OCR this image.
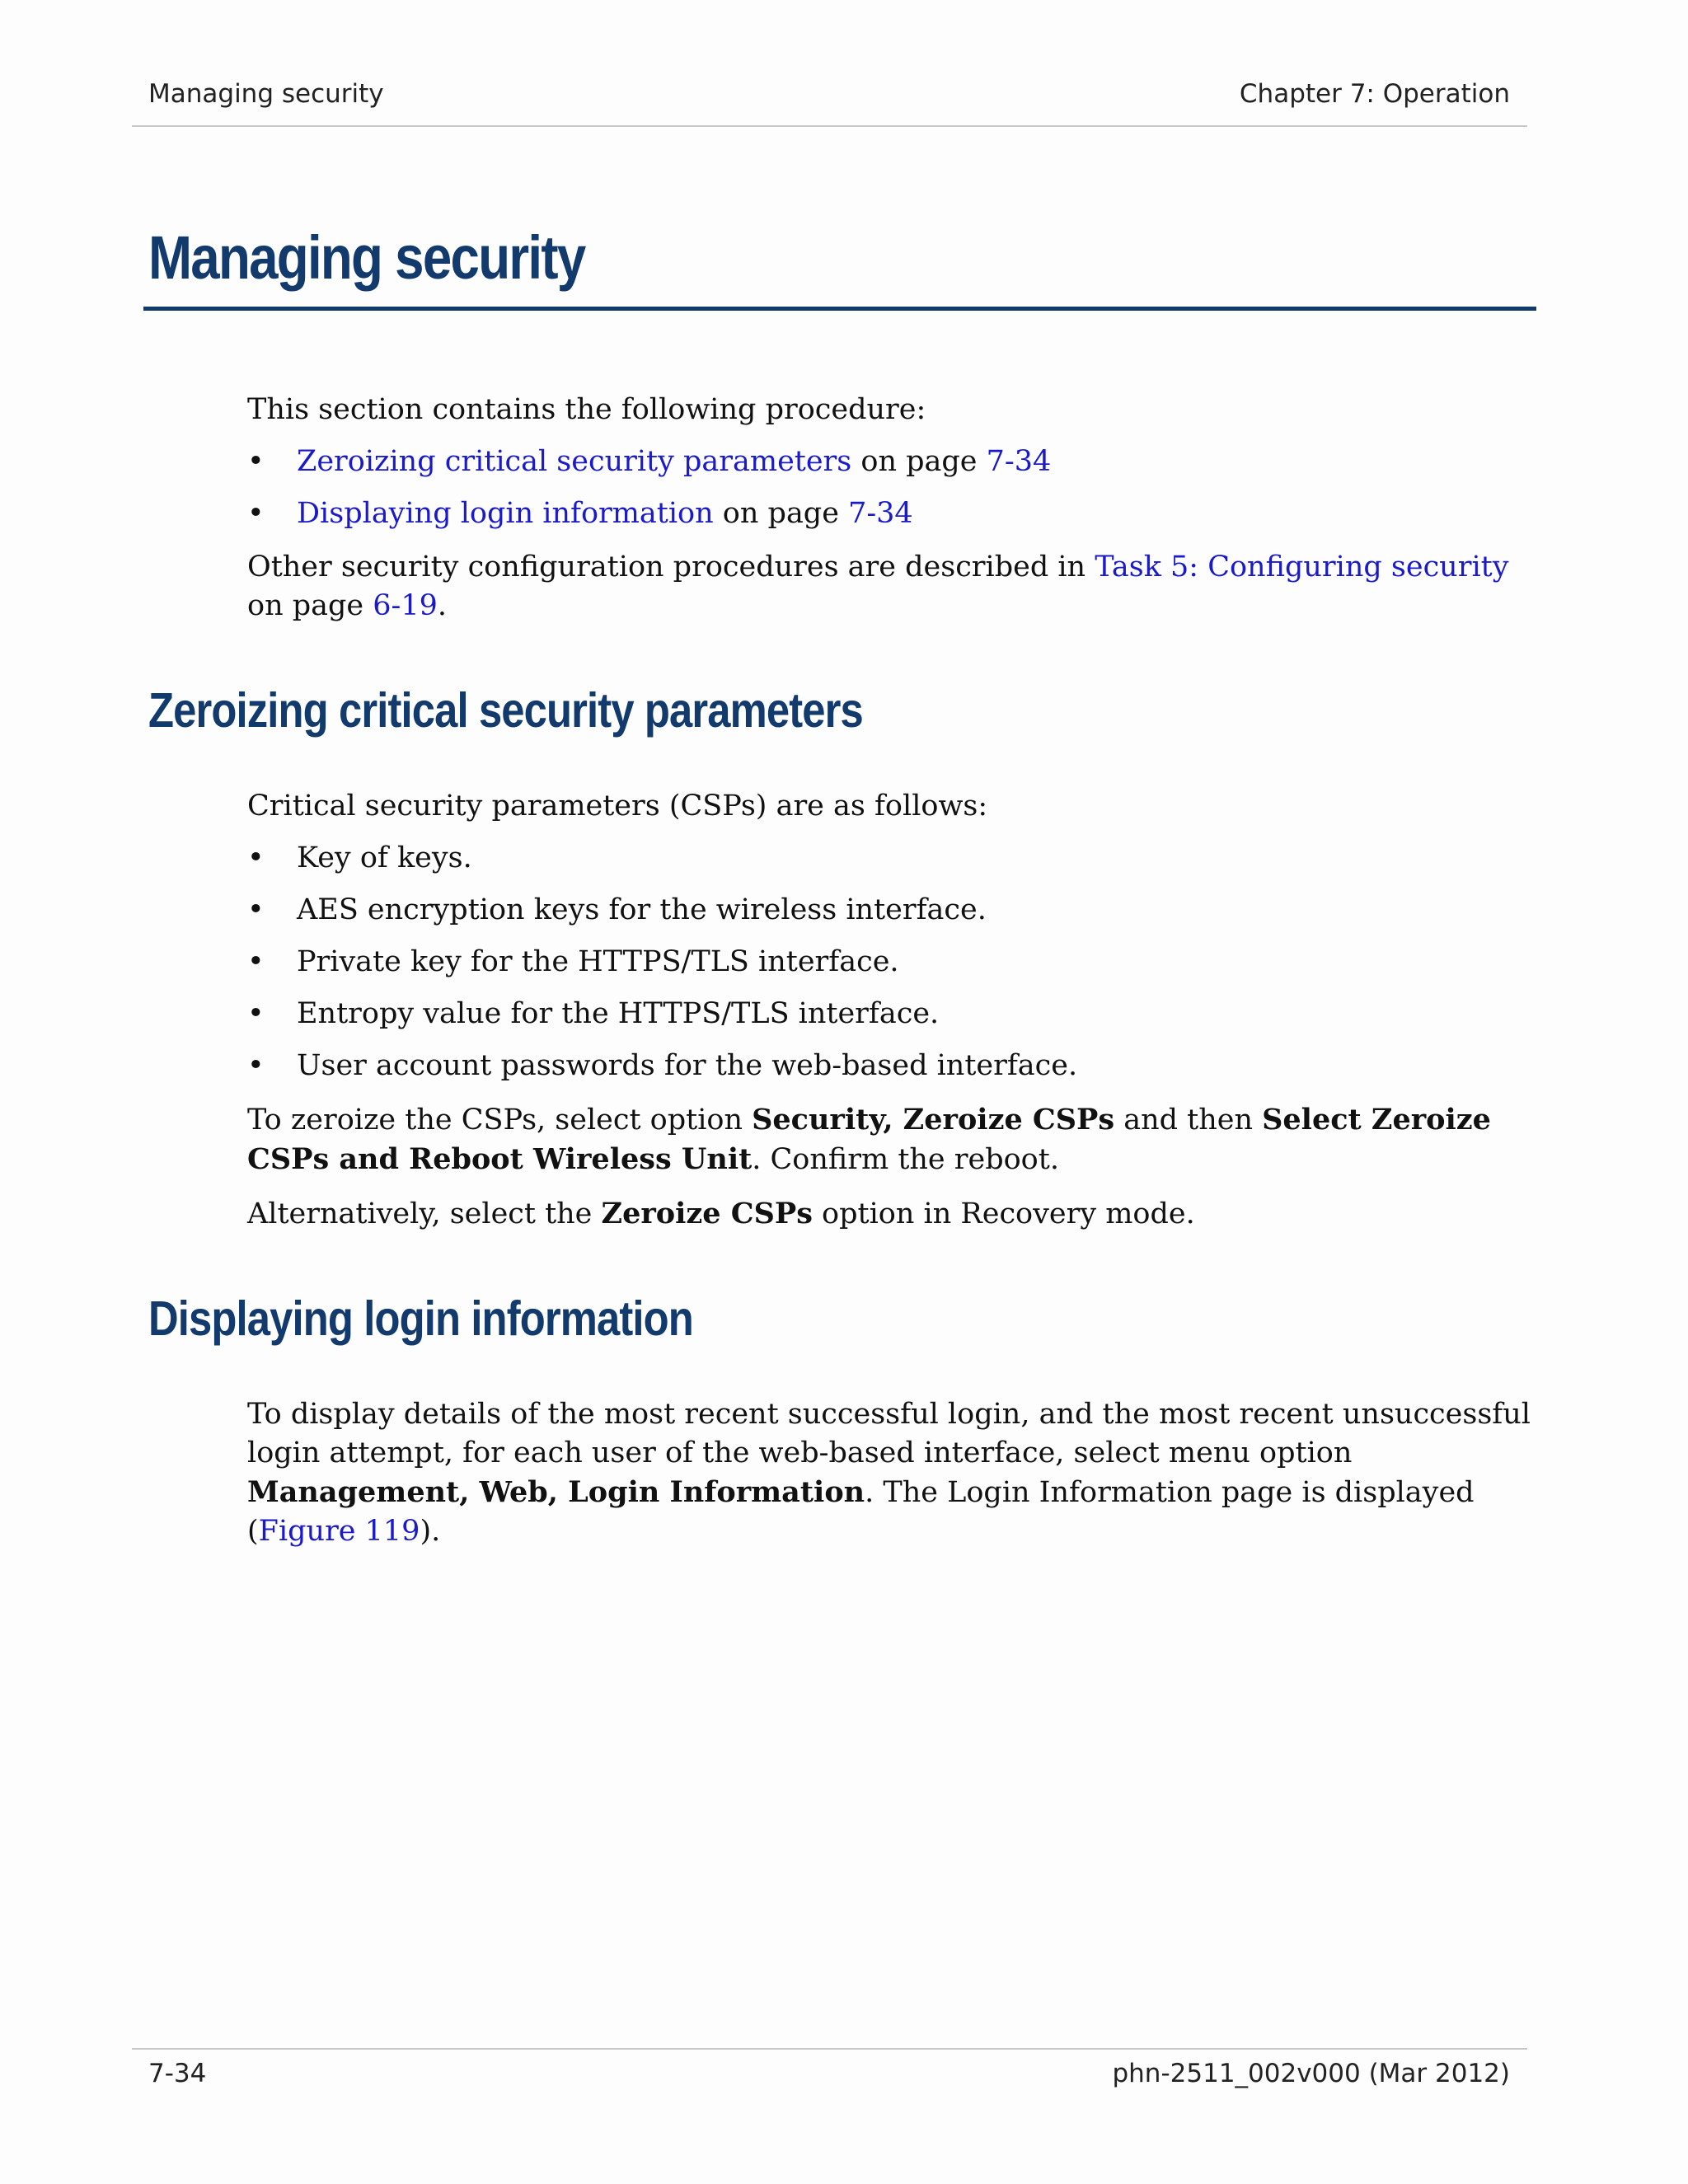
Managing security	Chapter 7: Operation
Managing security

This section contains the following procedure:

• Zeroizing critical security parameters on page 7-34
• Displaying login information on page 7-34

Other security configuration procedures are described in Task 5: Configuring security on page 6-19.

Zeroizing critical security parameters

Critical security parameters (CSPs) are as follows:

• Key of keys.
• AES encryption keys for the wireless interface.
• Private key for the HTTPS/TLS interface.
• Entropy value for the HTTPS/TLS interface.
• User account passwords for the web-based interface.

To zeroize the CSPs, select option Security, Zeroize CSPs and then Select Zeroize CSPs and Reboot Wireless Unit. Confirm the reboot.

Alternatively, select the Zeroize CSPs option in Recovery mode.

Displaying login information

To display details of the most recent successful login, and the most recent unsuccessful login attempt, for each user of the web-based interface, select menu option Management, Web, Login Information. The Login Information page is displayed (Figure 119).

7-34	phn-2511_002v000 (Mar 2012)
